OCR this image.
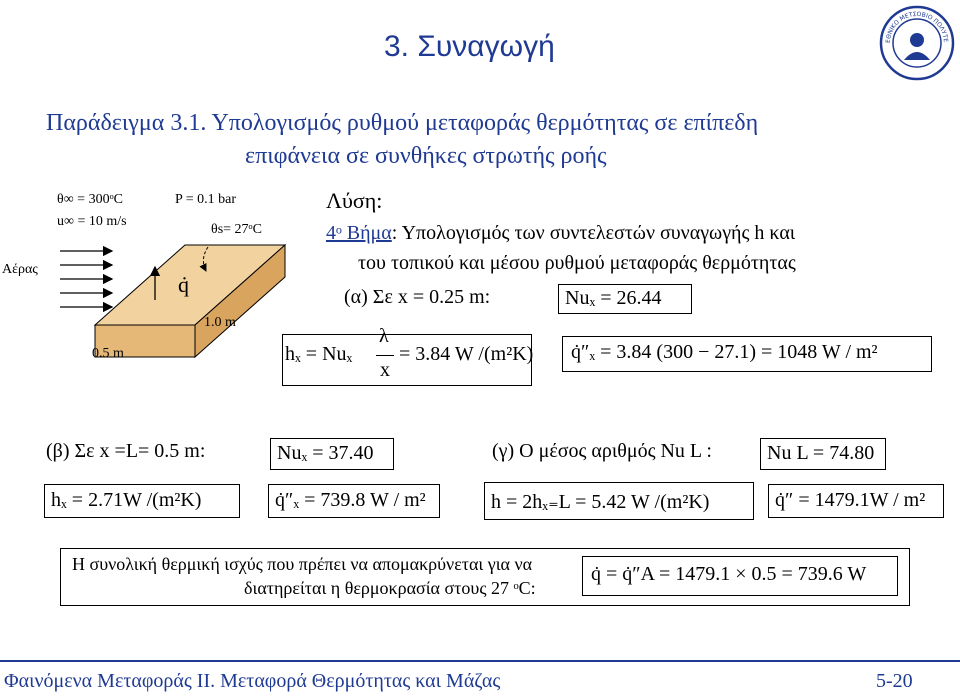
3. Συναγωγή	ΕΘΝΙΚΟ ΜΕΤΣΟΒΙΟ ΠΟΛΥΤΕ
Παράδειγμα 3.1. Υπολογισμός ρυθμού μεταφοράς θερμότητας σε επίπεδη
επιφάνεια σε συνθήκες στρωτής ροής
θ∞ = 300ᵒC
u∞ = 10 m/s
P = 0.1 bar
θs= 27ᵒC
Αέρας
q̇
1.0 m
0.5 m
Λύση:
4ᵒ Βήμα: Υπολογισμός των συντελεστών συναγωγής h και
του τοπικού και μέσου ρυθμού μεταφοράς θερμότητας
(α) Σε x = 0.25 m:	Nuₓ = 26.44
hₓ = Nuₓ
λ
x
= 3.84 W /(m²K)	q̇″ₓ = 3.84 (300 − 27.1) = 1048 W / m²
(β) Σε x =L= 0.5 m:	Nuₓ = 37.40
hₓ = 2.71W /(m²K)	q̇″ₓ = 739.8 W / m²
(γ) Ο μέσος αριθμός Nu L :	Nu L = 74.80
h = 2hₓ₌L = 5.42 W /(m²K)	q̇″ = 1479.1W / m²
Η συνολική θερμική ισχύς που πρέπει να απομακρύνεται για να
διατηρείται η θερμοκρασία στους 27 ᵒC:
q̇ = q̇″A = 1479.1 × 0.5 = 739.6 W
Φαινόμενα Μεταφοράς ΙΙ. Μεταφορά Θερμότητας και Μάζας	5-20
